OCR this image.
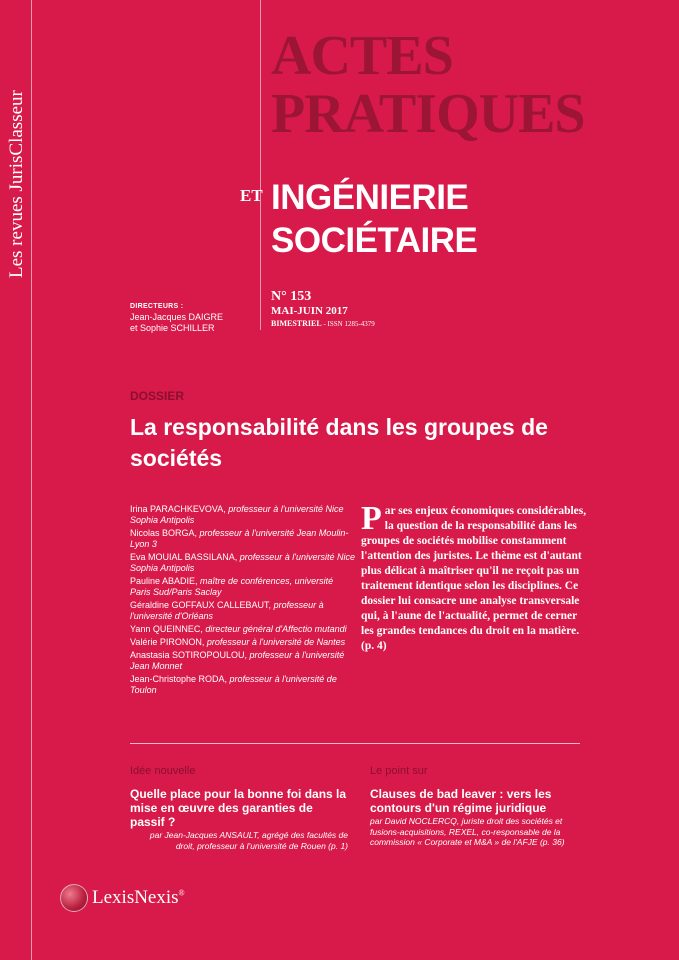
Les revues JurisClasseur
ACTES
PRATIQUES
ET INGÉNIERIE
SOCIÉTAIRE
DIRECTEURS :
Jean-Jacques DAIGRE
et Sophie SCHILLER
N° 153
MAI-JUIN 2017
BIMESTRIEL - ISSN 1285-4379
DOSSIER
La responsabilité dans les groupes de sociétés
Irina PARACHKEVOVA, professeur à l'université Nice Sophia Antipolis
Nicolas BORGA, professeur à l'université Jean Moulin-Lyon 3
Eva MOUIAL BASSILANA, professeur à l'université Nice Sophia Antipolis
Pauline ABADIE, maître de conférences, université Paris Sud/Paris Saclay
Géraldine GOFFAUX CALLEBAUT, professeur à l'université d'Orléans
Yann QUEINNEC, directeur général d'Affectio mutandi
Valérie PIRONON, professeur à l'université de Nantes
Anastasia SOTIROPOULOU, professeur à l'université Jean Monnet
Jean-Christophe RODA, professeur à l'université de Toulon
Par ses enjeux économiques considérables, la question de la responsabilité dans les groupes de sociétés mobilise constamment l'attention des juristes. Le thème est d'autant plus délicat à maîtriser qu'il ne reçoit pas un traitement identique selon les disciplines. Ce dossier lui consacre une analyse transversale qui, à l'aune de l'actualité, permet de cerner les grandes tendances du droit en la matière. (p. 4)
Idée nouvelle
Quelle place pour la bonne foi dans la mise en œuvre des garanties de passif ?
par Jean-Jacques ANSAULT, agrégé des facultés de droit, professeur à l'université de Rouen (p. 1)
Le point sur
Clauses de bad leaver : vers les contours d'un régime juridique
par David NOCLERCQ, juriste droit des sociétés et fusions-acquisitions, REXEL, co-responsable de la commission « Corporate et M&A » de l'AFJE (p. 36)
LexisNexis®
